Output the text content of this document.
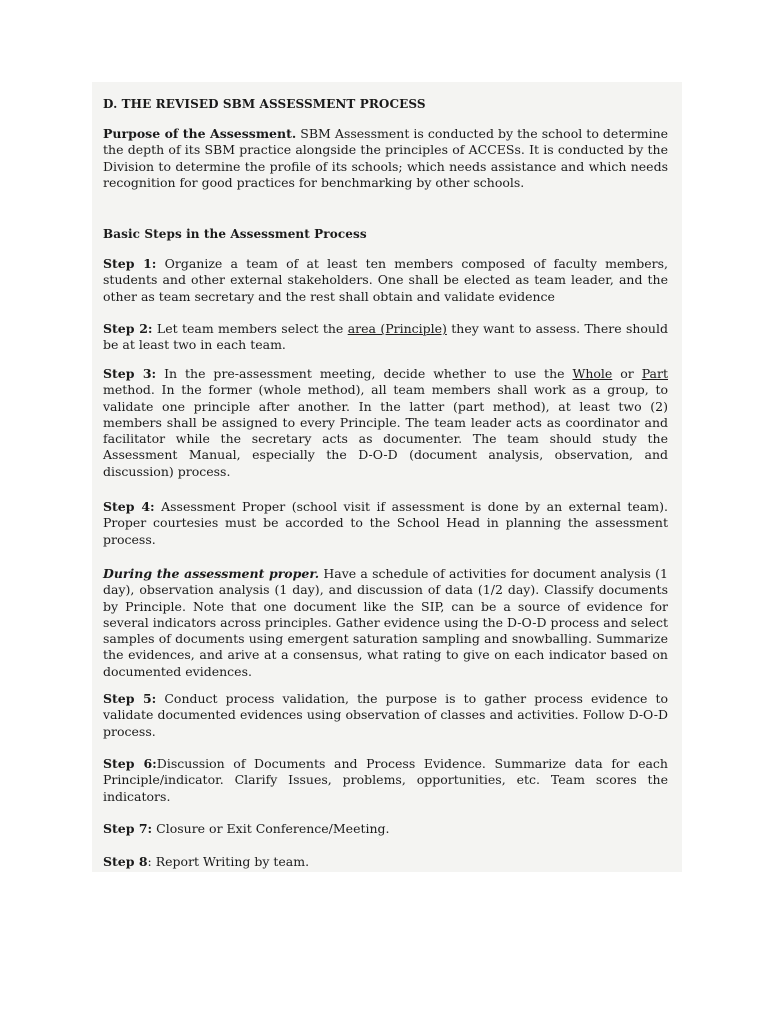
D. THE REVISED SBM ASSESSMENT PROCESS

Purpose of the Assessment. SBM Assessment is conducted by the school to determine the depth of its SBM practice alongside the principles of ACCESs. It is conducted by the Division to determine the profile of its schools; which needs assistance and which needs recognition for good practices for benchmarking by other schools.

Basic Steps in the Assessment Process

Step 1: Organize a team of at least ten members composed of faculty members, students and other external stakeholders. One shall be elected as team leader, and the other as team secretary and the rest shall obtain and validate evidence

Step 2: Let team members select the area (Principle) they want to assess. There should be at least two in each team.

Step 3: In the pre-assessment meeting, decide whether to use the Whole or Part method. In the former (whole method), all team members shall work as a group, to validate one principle after another. In the latter (part method), at least two (2) members shall be assigned to every Principle. The team leader acts as coordinator and facilitator while the secretary acts as documenter. The team should study the Assessment Manual, especially the D-O-D (document analysis, observation, and discussion) process.

Step 4: Assessment Proper (school visit if assessment is done by an external team). Proper courtesies must be accorded to the School Head in planning the assessment process.

During the assessment proper. Have a schedule of activities for document analysis (1 day), observation analysis (1 day), and discussion of data (1/2 day). Classify documents by Principle. Note that one document like the SIP, can be a source of evidence for several indicators across principles. Gather evidence using the D-O-D process and select samples of documents using emergent saturation sampling and snowballing. Summarize the evidences, and arive at a consensus, what rating to give on each indicator based on documented evidences.

Step 5: Conduct process validation, the purpose is to gather process evidence to validate documented evidences using observation of classes and activities. Follow D-O-D process.

Step 6:Discussion of Documents and Process Evidence. Summarize data for each Principle/indicator. Clarify Issues, problems, opportunities, etc. Team scores the indicators.

Step 7: Closure or Exit Conference/Meeting.

Step 8: Report Writing by team.
